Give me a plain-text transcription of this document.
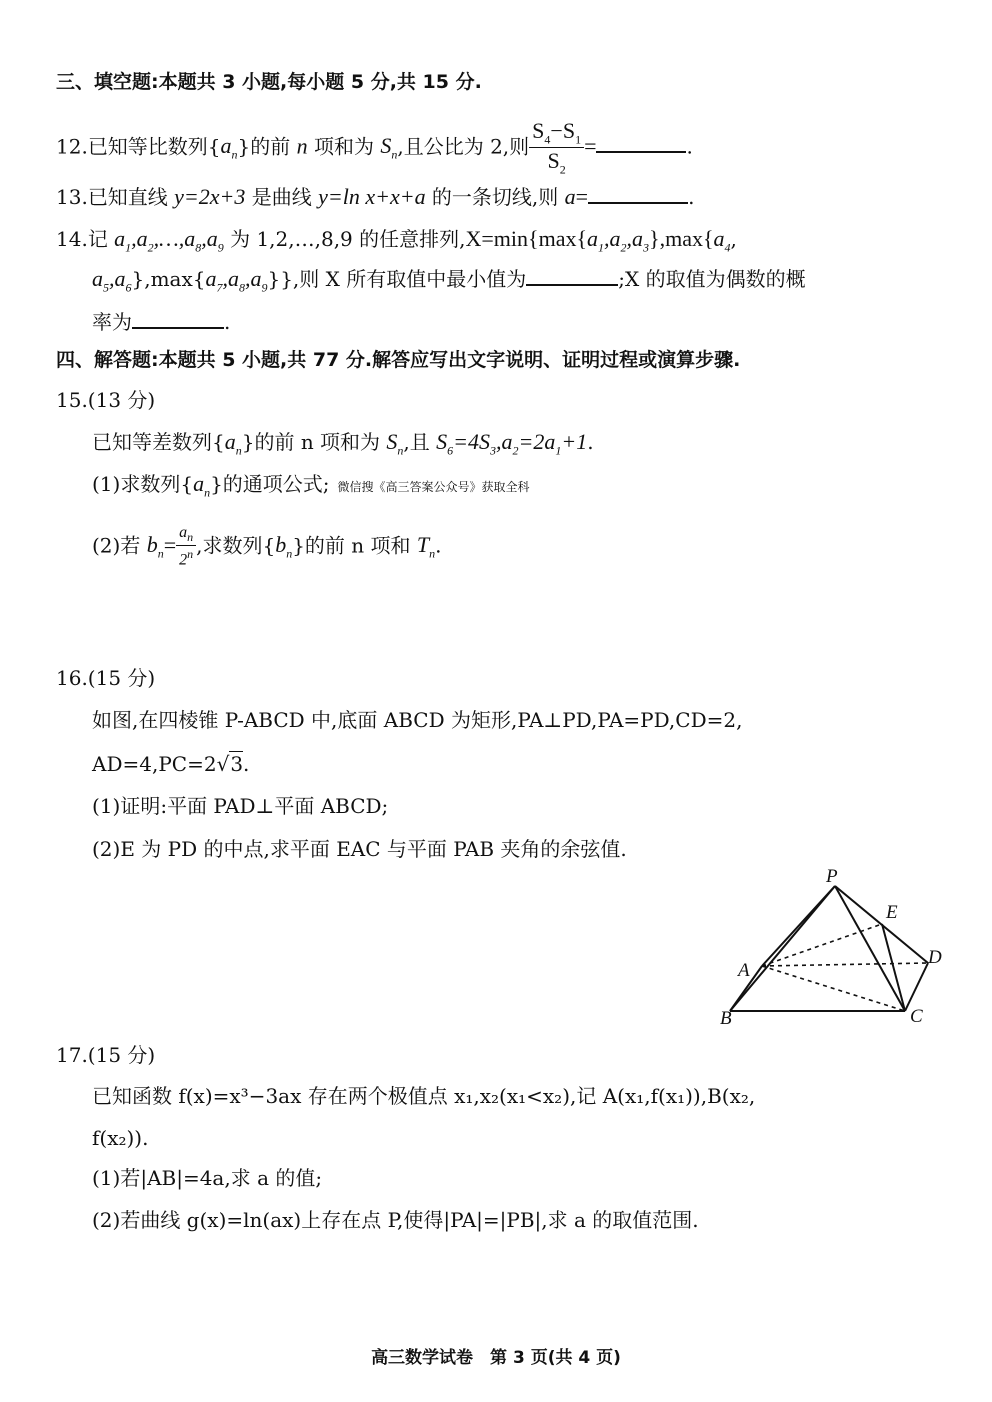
三、填空题:本题共 3 小题,每小题 5 分,共 15 分.
12.已知等比数列$\{a_n\}$的前 n 项和为 $S_n$,且公比为 2,则 $\frac{S_4-S_1}{S_2}$ =	.
13.已知直线 y=2x+3 是曲线 y=ln x+x+a 的一条切线,则 a=	.
14.记 $a_1,a_2,\dots,a_8,a_9$ 为 1,2,…,8,9 的任意排列$,X=\min\{\max\{a_1,a_2,a_3\},\max\{a_4$,
$a_5,a_6\},\max\{a_7,a_8,a_9\}$},则 X 所有取值中最小值为	;X 的取值为偶数的概
率为	.
四、解答题:本题共 5 小题,共 77 分.解答应写出文字说明、证明过程或演算步骤.
15.(13 分)
已知等差数列$\{a_n\}$的前 n 项和为 $S_n$,且 $S_6=4S_3,a_2=2a_1+1$.
(1)求数列$\{a_n\}$的通项公式; 微信搜《高三答案公众号》获取全科
(2)若 $b_n= \frac{a_n}{2^n}$ ,求数列$\{b_n\}$的前 n 项和 $T_n$.
16.(15 分)
如图,在四棱锥 P-ABCD 中,底面 ABCD 为矩形,PA⊥PD,PA=PD,CD=2,
AD=4,PC=2√3.
(1)证明:平面 PAD⊥平面 ABCD;
(2)E 为 PD 的中点,求平面 EAC 与平面 PAB 夹角的余弦值.
P
E
A
D
B	C
17.(15 分)
已知函数 f(x)=x³−3ax 存在两个极值点 x₁,x₂(x₁<x₂),记 A(x₁,f(x₁)),B(x₂,
f(x₂)).
(1)若|AB|=4a,求 a 的值;
(2)若曲线 g(x)=ln(ax)上存在点 P,使得|PA|=|PB|,求 a 的取值范围.
高三数学试卷　第 3 页(共 4 页)
